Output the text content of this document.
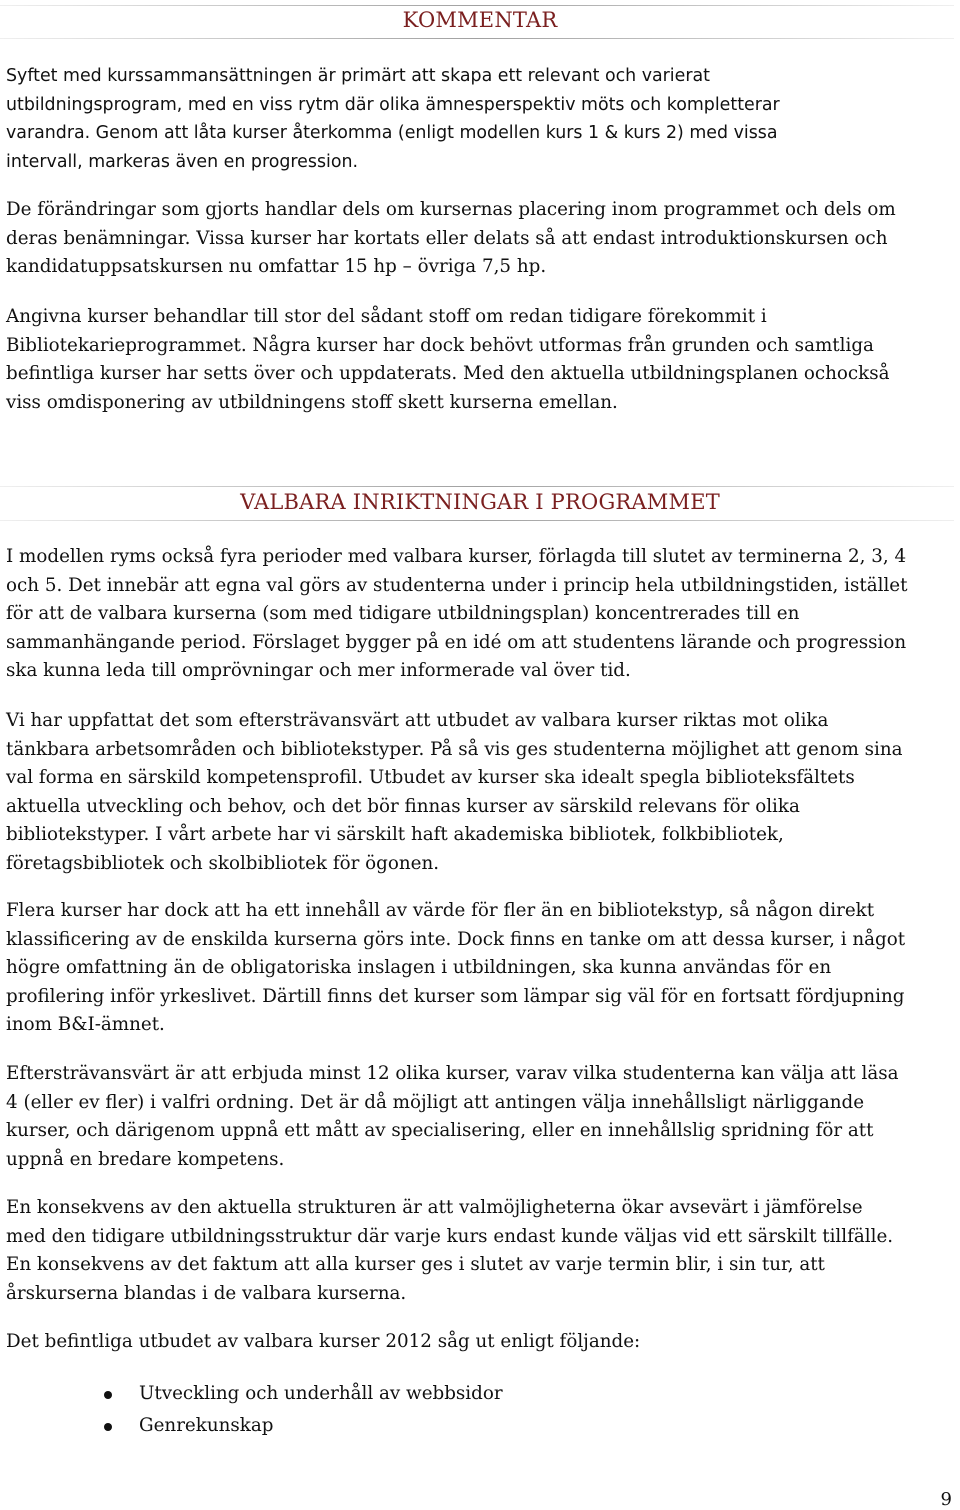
KOMMENTAR
Syftet med kurssammansättningen är primärt att skapa ett relevant och varierat
utbildningsprogram, med en viss rytm där olika ämnesperspektiv möts och kompletterar
varandra. Genom att låta kurser återkomma (enligt modellen kurs 1 & kurs 2) med vissa
intervall, markeras även en progression.
De förändringar som gjorts handlar dels om kursernas placering inom programmet och dels om
deras benämningar. Vissa kurser har kortats eller delats så att endast introduktionskursen och
kandidatuppsatskursen nu omfattar 15 hp – övriga 7,5 hp.
Angivna kurser behandlar till stor del sådant stoff om redan tidigare förekommit i
Bibliotekarieprogrammet. Några kurser har dock behövt utformas från grunden och samtliga
befintliga kurser har setts över och uppdaterats. Med den aktuella utbildningsplanen ochockså
viss omdisponering av utbildningens stoff skett kurserna emellan.
VALBARA INRIKTNINGAR I PROGRAMMET
I modellen ryms också fyra perioder med valbara kurser, förlagda till slutet av terminerna 2, 3, 4
och 5. Det innebär att egna val görs av studenterna under i princip hela utbildningstiden, istället
för att de valbara kurserna (som med tidigare utbildningsplan) koncentrerades till en
sammanhängande period. Förslaget bygger på en idé om att studentens lärande och progression
ska kunna leda till omprövningar och mer informerade val över tid.
Vi har uppfattat det som eftersträvansvärt att utbudet av valbara kurser riktas mot olika
tänkbara arbetsområden och bibliotekstyper. På så vis ges studenterna möjlighet att genom sina
val forma en särskild kompetensprofil. Utbudet av kurser ska idealt spegla biblioteksfältets
aktuella utveckling och behov, och det bör finnas kurser av särskild relevans för olika
bibliotekstyper. I vårt arbete har vi särskilt haft akademiska bibliotek, folkbibliotek,
företagsbibliotek och skolbibliotek för ögonen.
Flera kurser har dock att ha ett innehåll av värde för fler än en bibliotekstyp, så någon direkt
klassificering av de enskilda kurserna görs inte. Dock finns en tanke om att dessa kurser, i något
högre omfattning än de obligatoriska inslagen i utbildningen, ska kunna användas för en
profilering inför yrkeslivet. Därtill finns det kurser som lämpar sig väl för en fortsatt fördjupning
inom B&I-ämnet.
Eftersträvansvärt är att erbjuda minst 12 olika kurser, varav vilka studenterna kan välja att läsa
4 (eller ev fler) i valfri ordning. Det är då möjligt att antingen välja innehållsligt närliggande
kurser, och därigenom uppnå ett mått av specialisering, eller en innehållslig spridning för att
uppnå en bredare kompetens.
En konsekvens av den aktuella strukturen är att valmöjligheterna ökar avsevärt i jämförelse
med den tidigare utbildningsstruktur där varje kurs endast kunde väljas vid ett särskilt tillfälle.
En konsekvens av det faktum att alla kurser ges i slutet av varje termin blir, i sin tur, att
årskurserna blandas i de valbara kurserna.
Det befintliga utbudet av valbara kurser 2012 såg ut enligt följande:
Utveckling och underhåll av webbsidor
Genrekunskap
9
